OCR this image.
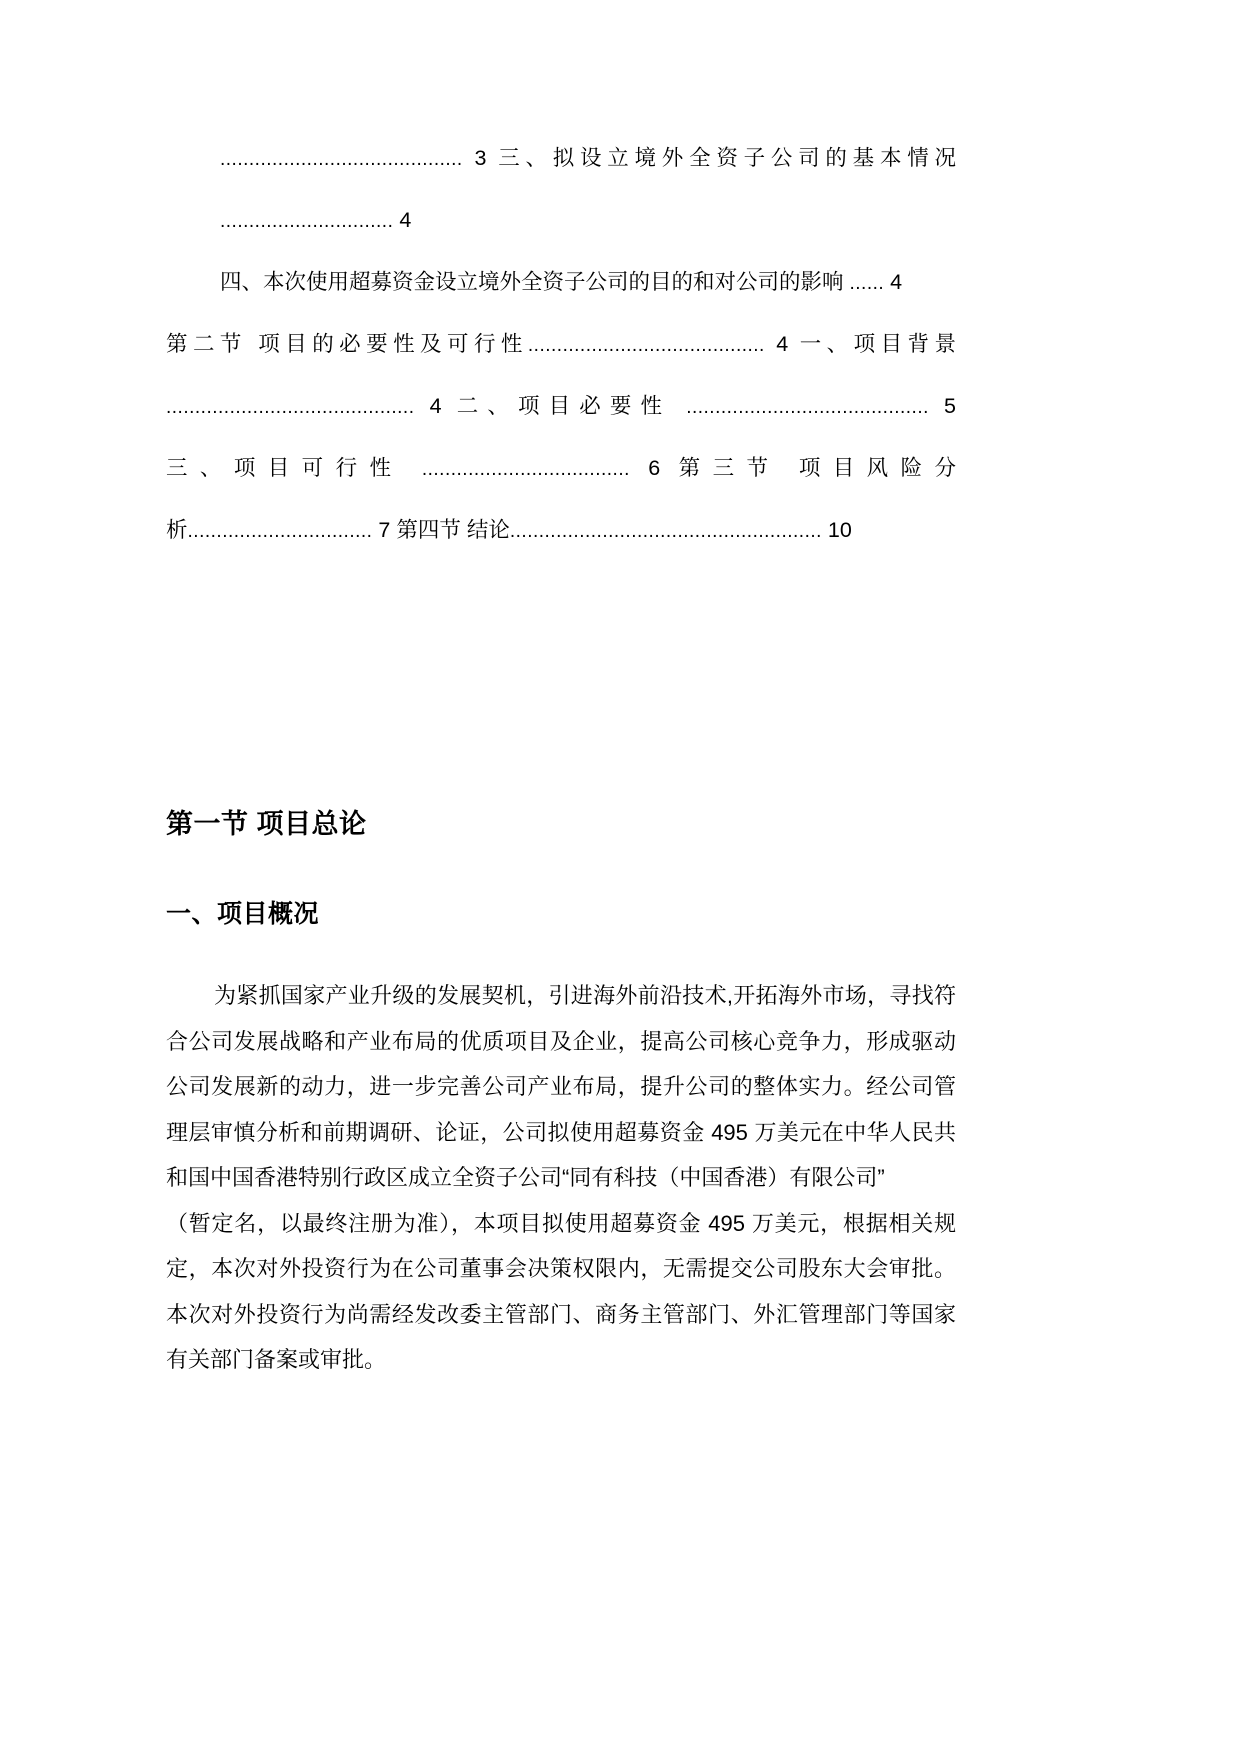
.......................................... 3 三、拟设立境外全资子公司的基本情况
.............................. 4
四、本次使用超募资金设立境外全资子公司的目的和对公司的影响 ...... 4
第二节 项目的必要性及可行性......................................... 4 一、项目背景
........................................... 4 二、项目必要性 .......................................... 5
三、项目可行性 .................................... 6 第三节 项目风险分
析................................ 7 第四节 结论...................................................... 10
第一节 项目总论
一、项目概况
为紧抓国家产业升级的发展契机，引进海外前沿技术,开拓海外市场，寻找符
合公司发展战略和产业布局的优质项目及企业，提高公司核心竞争力，形成驱动
公司发展新的动力，进一步完善公司产业布局，提升公司的整体实力。经公司管
理层审慎分析和前期调研、论证，公司拟使用超募资金 495 万美元在中华人民共
和国中国香港特别行政区成立全资子公司“同有科技（中国香港）有限公司”
（暂定名，以最终注册为准），本项目拟使用超募资金 495 万美元，根据相关规
定，本次对外投资行为在公司董事会决策权限内，无需提交公司股东大会审批。
本次对外投资行为尚需经发改委主管部门、商务主管部门、外汇管理部门等国家
有关部门备案或审批。
